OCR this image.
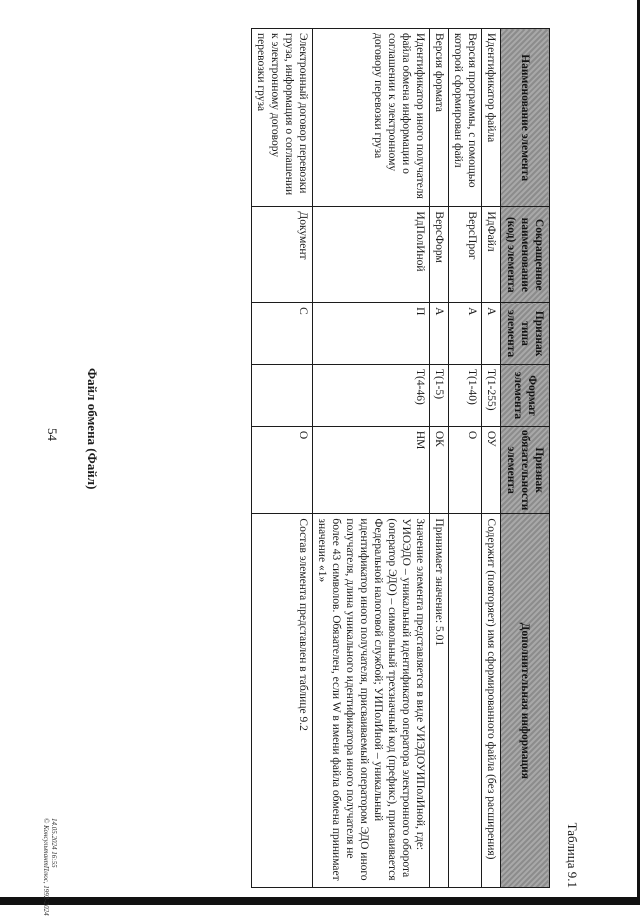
Таблица 9.1
Наименование элемента	Сокращенное наименование (код) элемента	Признак типа элемента	Формат элемента	Признак обязательности элемента	Дополнительная информация
Идентификатор файла	ИдФайл	А	Т(1-255)	ОУ	Содержит (повторяет) имя сформированного файла (без расширения)
Версия программы, с помощью которой сформирован файл	ВерсПрог	А	Т(1-40)	О	
Версия формата	ВерсФорм	А	Т(1-5)	ОК	Принимает значение: 5.01
Идентификатор иного получателя файла обмена информации о соглашении к электронному договору перевозки груза	ИдПолИной	П	Т(4-46)	НМ	Значение элемента представляется в виде УИЭДОУИПолИной, где: УИОЭДО – уникальный идентификатор оператора электронного оборота (оператор ЭДО) – символьный трехзначный код (префикс), присваивается Федеральной налоговой службой; УИПолИной – уникальный идентификатор иного получателя, присваиваемый оператором ЭДО иного получателя, длина уникального идентификатора иного получателя не более 43 символов. Обязателен, если W в имени файла обмена принимает значение «1»
Электронный договор перевозки груза, информация о соглашении к электронному договору перевозки груза	Документ	С		О	Состав элемента представлен в таблице 9.2
Файл обмена (Файл)
54
14.05.2024 16:55
© КонсультантПлюс, 1992-2024
